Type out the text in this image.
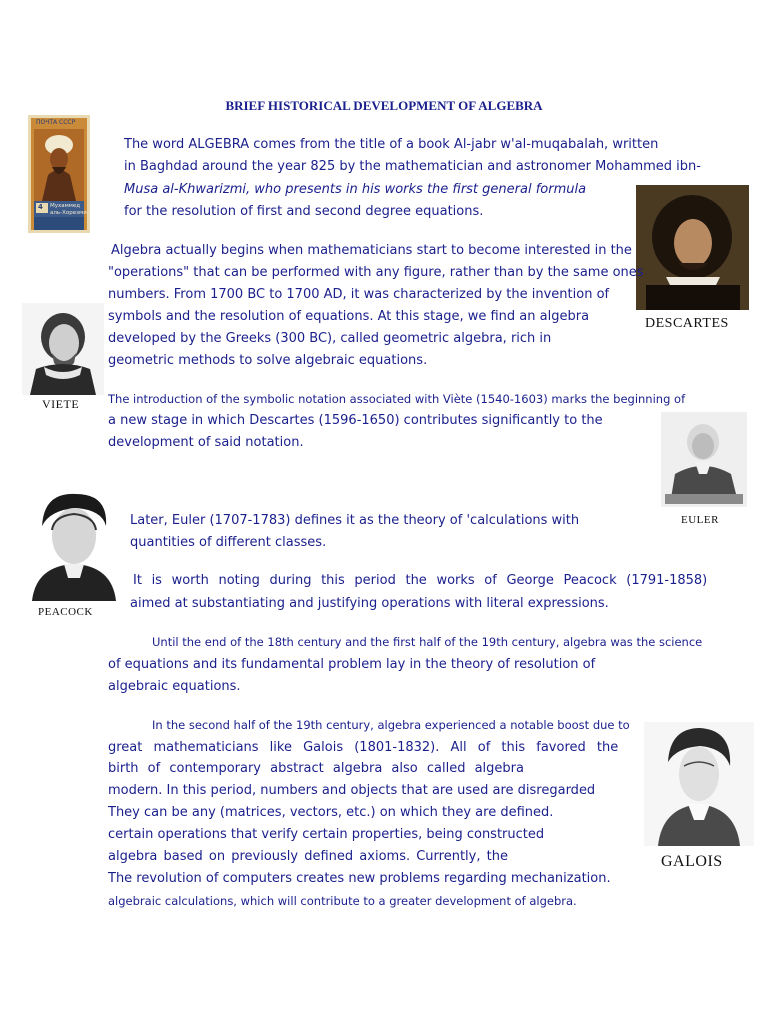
BRIEF HISTORICAL DEVELOPMENT OF ALGEBRA
ПОЧТА СССР
4 Мухаммед
аль-Хорезми
The word ALGEBRA comes from the title of a book Al-jabr w'al-muqabalah, written
in Baghdad around the year 825 by the mathematician and astronomer Mohammed ibn-
Musa al-Khwarizmi, who presents in his works the first general formula
for the resolution of first and second degree equations.
DESCARTES
Algebra actually begins when mathematicians start to become interested in the
"operations" that can be performed with any figure, rather than by the same ones
numbers. From 1700 BC to 1700 AD, it was characterized by the invention of
symbols and the resolution of equations. At this stage, we find an algebra
developed by the Greeks (300 BC), called geometric algebra, rich in
geometric methods to solve algebraic equations.
VIETE	The introduction of the symbolic notation associated with Viète (1540-1603) marks the beginning of
a new stage in which Descartes (1596-1650) contributes significantly to the
development of said notation.
EULER
PEACOCK
Later, Euler (1707-1783) defines it as the theory of 'calculations with
quantities of different classes.
It is worth noting during this period the works of George Peacock (1791-1858)
aimed at substantiating and justifying operations with literal expressions.
Until the end of the 18th century and the first half of the 19th century, algebra was the science
of equations and its fundamental problem lay in the theory of resolution of
algebraic equations.
In the second half of the 19th century, algebra experienced a notable boost due to
great mathematicians like Galois (1801-1832). All of this favored the
birth of contemporary abstract algebra also called algebra
modern. In this period, numbers and objects that are used are disregarded
They can be any (matrices, vectors, etc.) on which they are defined.
certain operations that verify certain properties, being constructed
algebra based on previously defined axioms. Currently, the
The revolution of computers creates new problems regarding mechanization.
algebraic calculations, which will contribute to a greater development of algebra.
GALOIS
